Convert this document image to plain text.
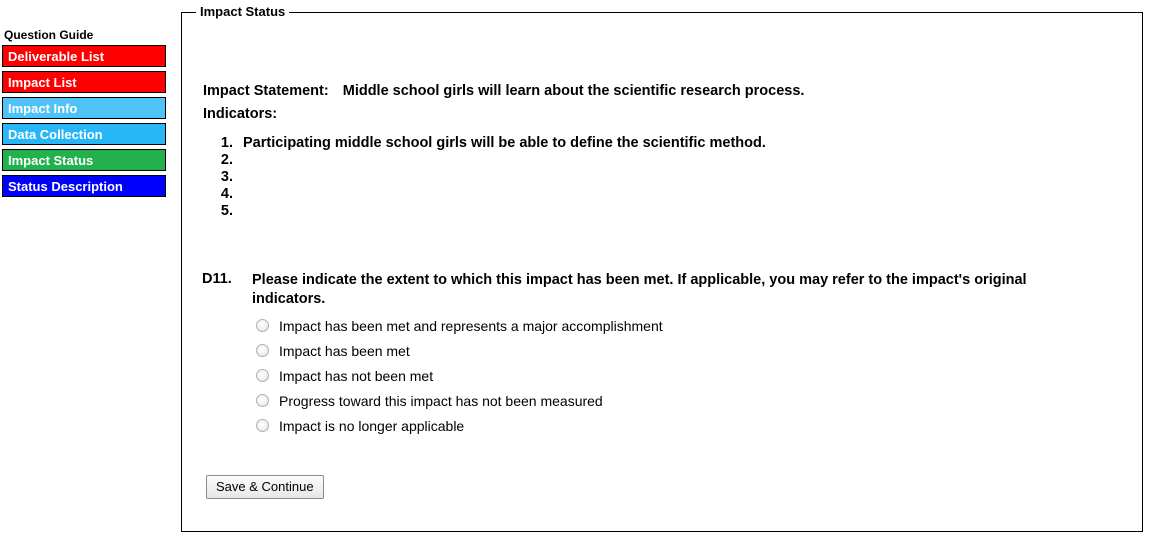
Question Guide
Deliverable List
Impact List
Impact Info
Data Collection
Impact Status
Status Description
Impact Status
Impact Statement: Middle school girls will learn about the scientific research process.
Indicators:
1. Participating middle school girls will be able to define the scientific method.
2.
3.
4.
5.
D11. Please indicate the extent to which this impact has been met. If applicable, you may refer to the impact's original indicators.
Impact has been met and represents a major accomplishment
Impact has been met
Impact has not been met
Progress toward this impact has not been measured
Impact is no longer applicable
Save & Continue
